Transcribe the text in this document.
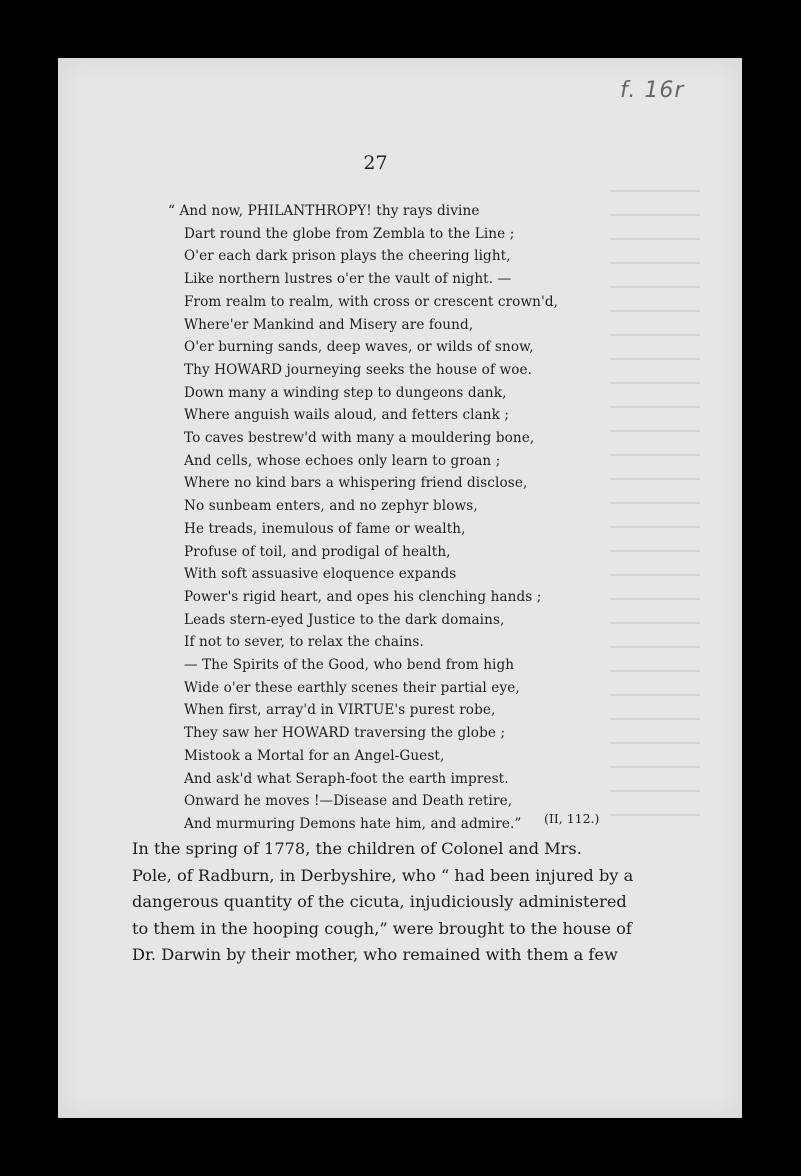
f. 16r
27
“ And now, PHILANTHROPY! thy rays divine
Dart round the globe from Zembla to the Line ;
O'er each dark prison plays the cheering light,
Like northern lustres o'er the vault of night. —
From realm to realm, with cross or crescent crown'd,
Where'er Mankind and Misery are found,
O'er burning sands, deep waves, or wilds of snow,
Thy HOWARD journeying seeks the house of woe.
Down many a winding step to dungeons dank,
Where anguish wails aloud, and fetters clank ;
To caves bestrew'd with many a mouldering bone,
And cells, whose echoes only learn to groan ;
Where no kind bars a whispering friend disclose,
No sunbeam enters, and no zephyr blows,
He treads, inemulous of fame or wealth,
Profuse of toil, and prodigal of health,
With soft assuasive eloquence expands
Power's rigid heart, and opes his clenching hands ;
Leads stern-eyed Justice to the dark domains,
If not to sever, to relax the chains.
— The Spirits of the Good, who bend from high
Wide o'er these earthly scenes their partial eye,
When first, array'd in VIRTUE's purest robe,
They saw her HOWARD traversing the globe ;
Mistook a Mortal for an Angel-Guest,
And ask'd what Seraph-foot the earth imprest.
Onward he moves !—Disease and Death retire,
And murmuring Demons hate him, and admire.”	(II, 112.)
In the spring of 1778, the children of Colonel and Mrs.
Pole, of Radburn, in Derbyshire, who “ had been injured by a
dangerous quantity of the cicuta, injudiciously administered
to them in the hooping cough,” were brought to the house of
Dr. Darwin by their mother, who remained with them a few
